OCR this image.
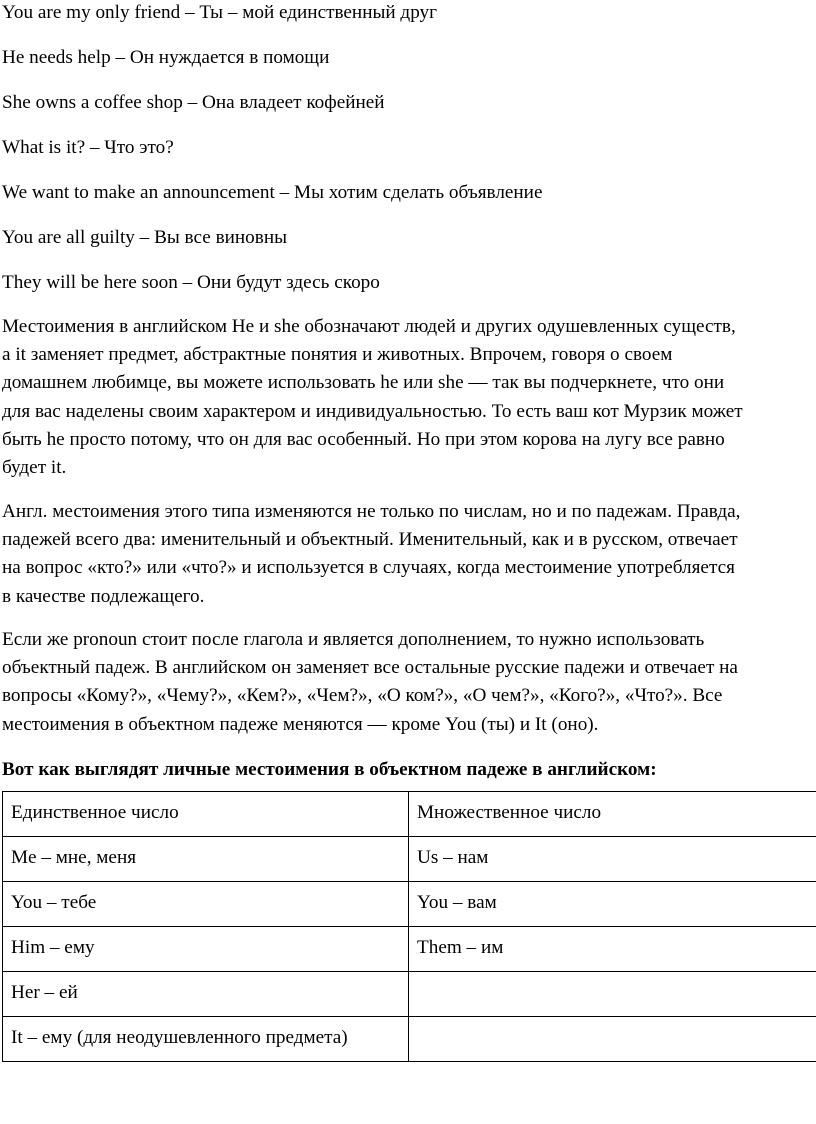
You are my only friend – Ты – мой единственный друг
He needs help – Он нуждается в помощи
She owns a coffee shop – Она владеет кофейней
What is it? – Что это?
We want to make an announcement – Мы хотим сделать объявление
You are all guilty – Вы все виновны
They will be here soon – Они будут здесь скоро
Местоимения в английском He и she обозначают людей и других одушевленных существ,
а it заменяет предмет, абстрактные понятия и животных. Впрочем, говоря о своем
домашнем любимце, вы можете использовать he или she — так вы подчеркнете, что они
для вас наделены своим характером и индивидуальностью. То есть ваш кот Мурзик может
быть he просто потому, что он для вас особенный. Но при этом корова на лугу все равно
будет it.
Англ. местоимения этого типа изменяются не только по числам, но и по падежам. Правда,
падежей всего два: именительный и объектный. Именительный, как и в русском, отвечает
на вопрос «кто?» или «что?» и используется в случаях, когда местоимение употребляется
в качестве подлежащего.
Если же pronoun стоит после глагола и является дополнением, то нужно использовать
объектный падеж. В английском он заменяет все остальные русские падежи и отвечает на
вопросы «Кому?», «Чему?», «Кем?», «Чем?», «О ком?», «О чем?», «Кого?», «Что?». Все
местоимения в объектном падеже меняются — кроме You (ты) и It (оно).
Вот как выглядят личные местоимения в объектном падеже в английском:
Единственное число	Множественное число

Me – мне, меня	Us – нам

You – тебе	You – вам

Him – ему	Them – им

Her – ей	

It – ему (для неодушевленного предмета)	
